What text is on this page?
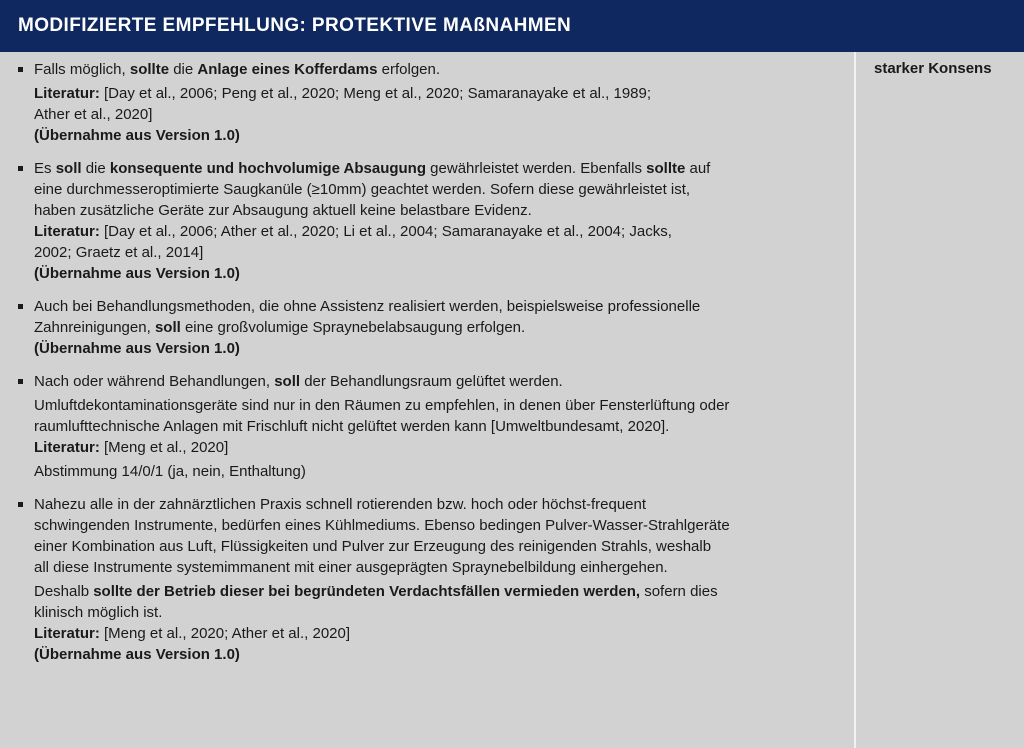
MODIFIZIERTE EMPFEHLUNG: PROTEKTIVE MAßNAHMEN
Falls möglich, sollte die Anlage eines Kofferdams erfolgen.
Literatur: [Day et al., 2006; Peng et al., 2020; Meng et al., 2020; Samaranayake et al., 1989;
Ather et al., 2020]
(Übernahme aus Version 1.0)
Es soll die konsequente und hochvolumige Absaugung gewährleistet werden. Ebenfalls sollte auf
eine durchmesseroptimierte Saugkanüle (≥10mm) geachtet werden. Sofern diese gewährleistet ist,
haben zusätzliche Geräte zur Absaugung aktuell keine belastbare Evidenz.
Literatur: [Day et al., 2006; Ather et al., 2020; Li et al., 2004; Samaranayake et al., 2004; Jacks,
2002; Graetz et al., 2014]
(Übernahme aus Version 1.0)
Auch bei Behandlungsmethoden, die ohne Assistenz realisiert werden, beispielsweise professionelle
Zahnreinigungen, soll eine großvolumige Spraynebelabsaugung erfolgen.
(Übernahme aus Version 1.0)
Nach oder während Behandlungen, soll der Behandlungsraum gelüftet werden.
Umluftdekontaminationsgeräte sind nur in den Räumen zu empfehlen, in denen über Fensterlüftung oder
raumlufttechnische Anlagen mit Frischluft nicht gelüftet werden kann [Umweltbundesamt, 2020].
Literatur: [Meng et al., 2020]
Abstimmung 14/0/1 (ja, nein, Enthaltung)
Nahezu alle in der zahnärztlichen Praxis schnell rotierenden bzw. hoch oder höchst-frequent
schwingenden Instrumente, bedürfen eines Kühlmediums. Ebenso bedingen Pulver-Wasser-Strahlgeräte
einer Kombination aus Luft, Flüssigkeiten und Pulver zur Erzeugung des reinigenden Strahls, weshalb
all diese Instrumente systemimmanent mit einer ausgeprägten Spraynebelbildung einhergehen.
Deshalb sollte der Betrieb dieser bei begründeten Verdachtsfällen vermieden werden, sofern dies
klinisch möglich ist.
Literatur: [Meng et al., 2020; Ather et al., 2020]
(Übernahme aus Version 1.0)
starker Konsens
